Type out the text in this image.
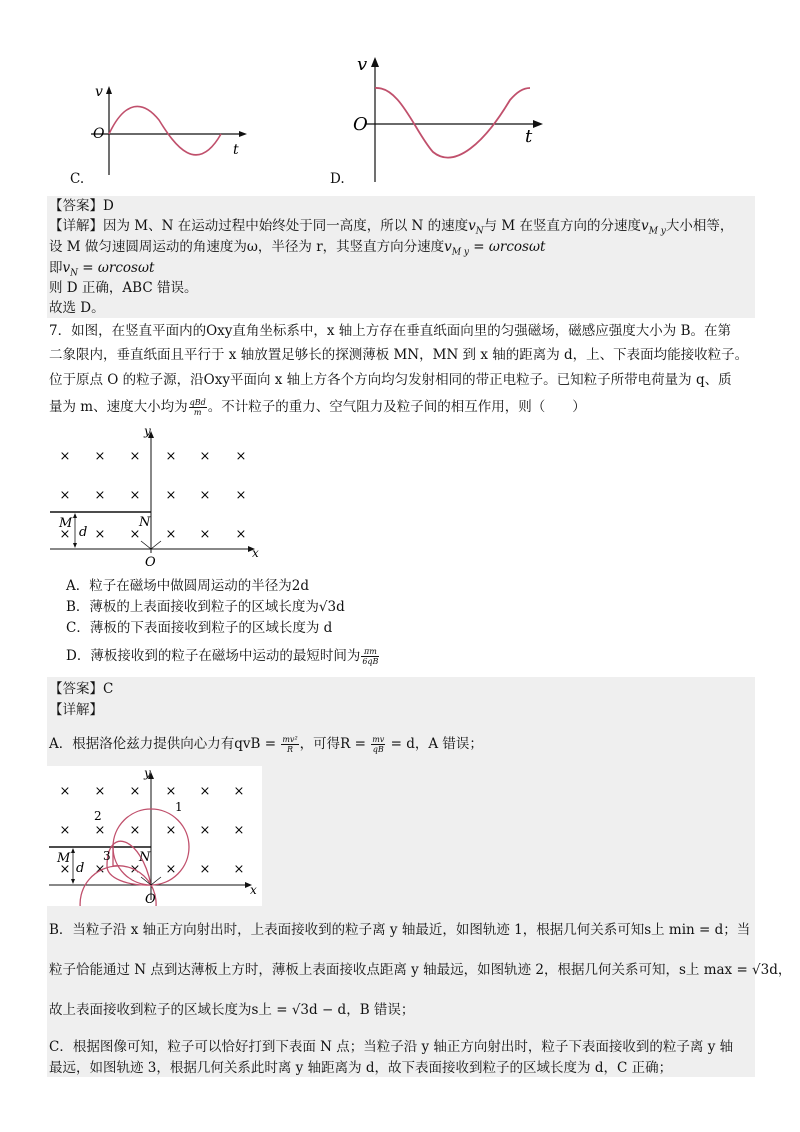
v
t
O
C.
v
t
O
D.
【答案】D
【详解】因为 M、N 在运动过程中始终处于同一高度，所以 N 的速度$v_N$与 M 在竖直方向的分速度$v_{M y}$大小相等，
设 M 做匀速圆周运动的角速度为ω，半径为 r，其竖直方向分速度$v_{M y} = \omega rcos\omega t$
即$v_N = \omega rcos\omega t$
则 D 正确，ABC 错误。
故选 D。
7．如图，在竖直平面内的Oxy直角坐标系中，x 轴上方存在垂直纸面向里的匀强磁场，磁感应强度大小为 B。在第
二象限内，垂直纸面且平行于 x 轴放置足够长的探测薄板 MN，MN 到 x 轴的距离为 d，上、下表面均能接收粒子。
位于原点 O 的粒子源，沿Oxy平面向 x 轴上方各个方向均匀发射相同的带正电粒子。已知粒子所带电荷量为 q、质
量为 m、速度大小均为 $\frac{\text{qBd}}{m}$ 。不计粒子的重力、空气阻力及粒子间的相互作用，则（　　）
× × × × × ×
× × × × × ×
× × × × × ×
y
x
M	N
d
O
A．粒子在磁场中做圆周运动的半径为2d
B．薄板的上表面接收到粒子的区域长度为√3d
C．薄板的下表面接收到粒子的区域长度为 d
D．薄板接收到的粒子在磁场中运动的最短时间为 $\frac{\pi m}{6qB}$
【答案】C
【详解】
A．根据洛伦兹力提供向心力有qvB = $\frac{\text{mv²}}{R}$ ，可得$R = \frac{mv}{qB} = d$，A 错误；
× × × × × ×
× × × × × ×
× × × × × ×
y
x
M	N
d
O
1
2
3
B．当粒子沿 x 轴正方向射出时，上表面接收到的粒子离 y 轴最近，如图轨迹 1，根据几何关系可知s上 min = d；当
粒子恰能通过 N 点到达薄板上方时，薄板上表面接收点距离 y 轴最远，如图轨迹 2，根据几何关系可知，s上 max = √3d，
故上表面接收到粒子的区域长度为s上 = √3d − d，B 错误；
C．根据图像可知，粒子可以恰好打到下表面 N 点；当粒子沿 y 轴正方向射出时，粒子下表面接收到的粒子离 y 轴
最远，如图轨迹 3，根据几何关系此时离 y 轴距离为 d，故下表面接收到粒子的区域长度为 d，C 正确；
